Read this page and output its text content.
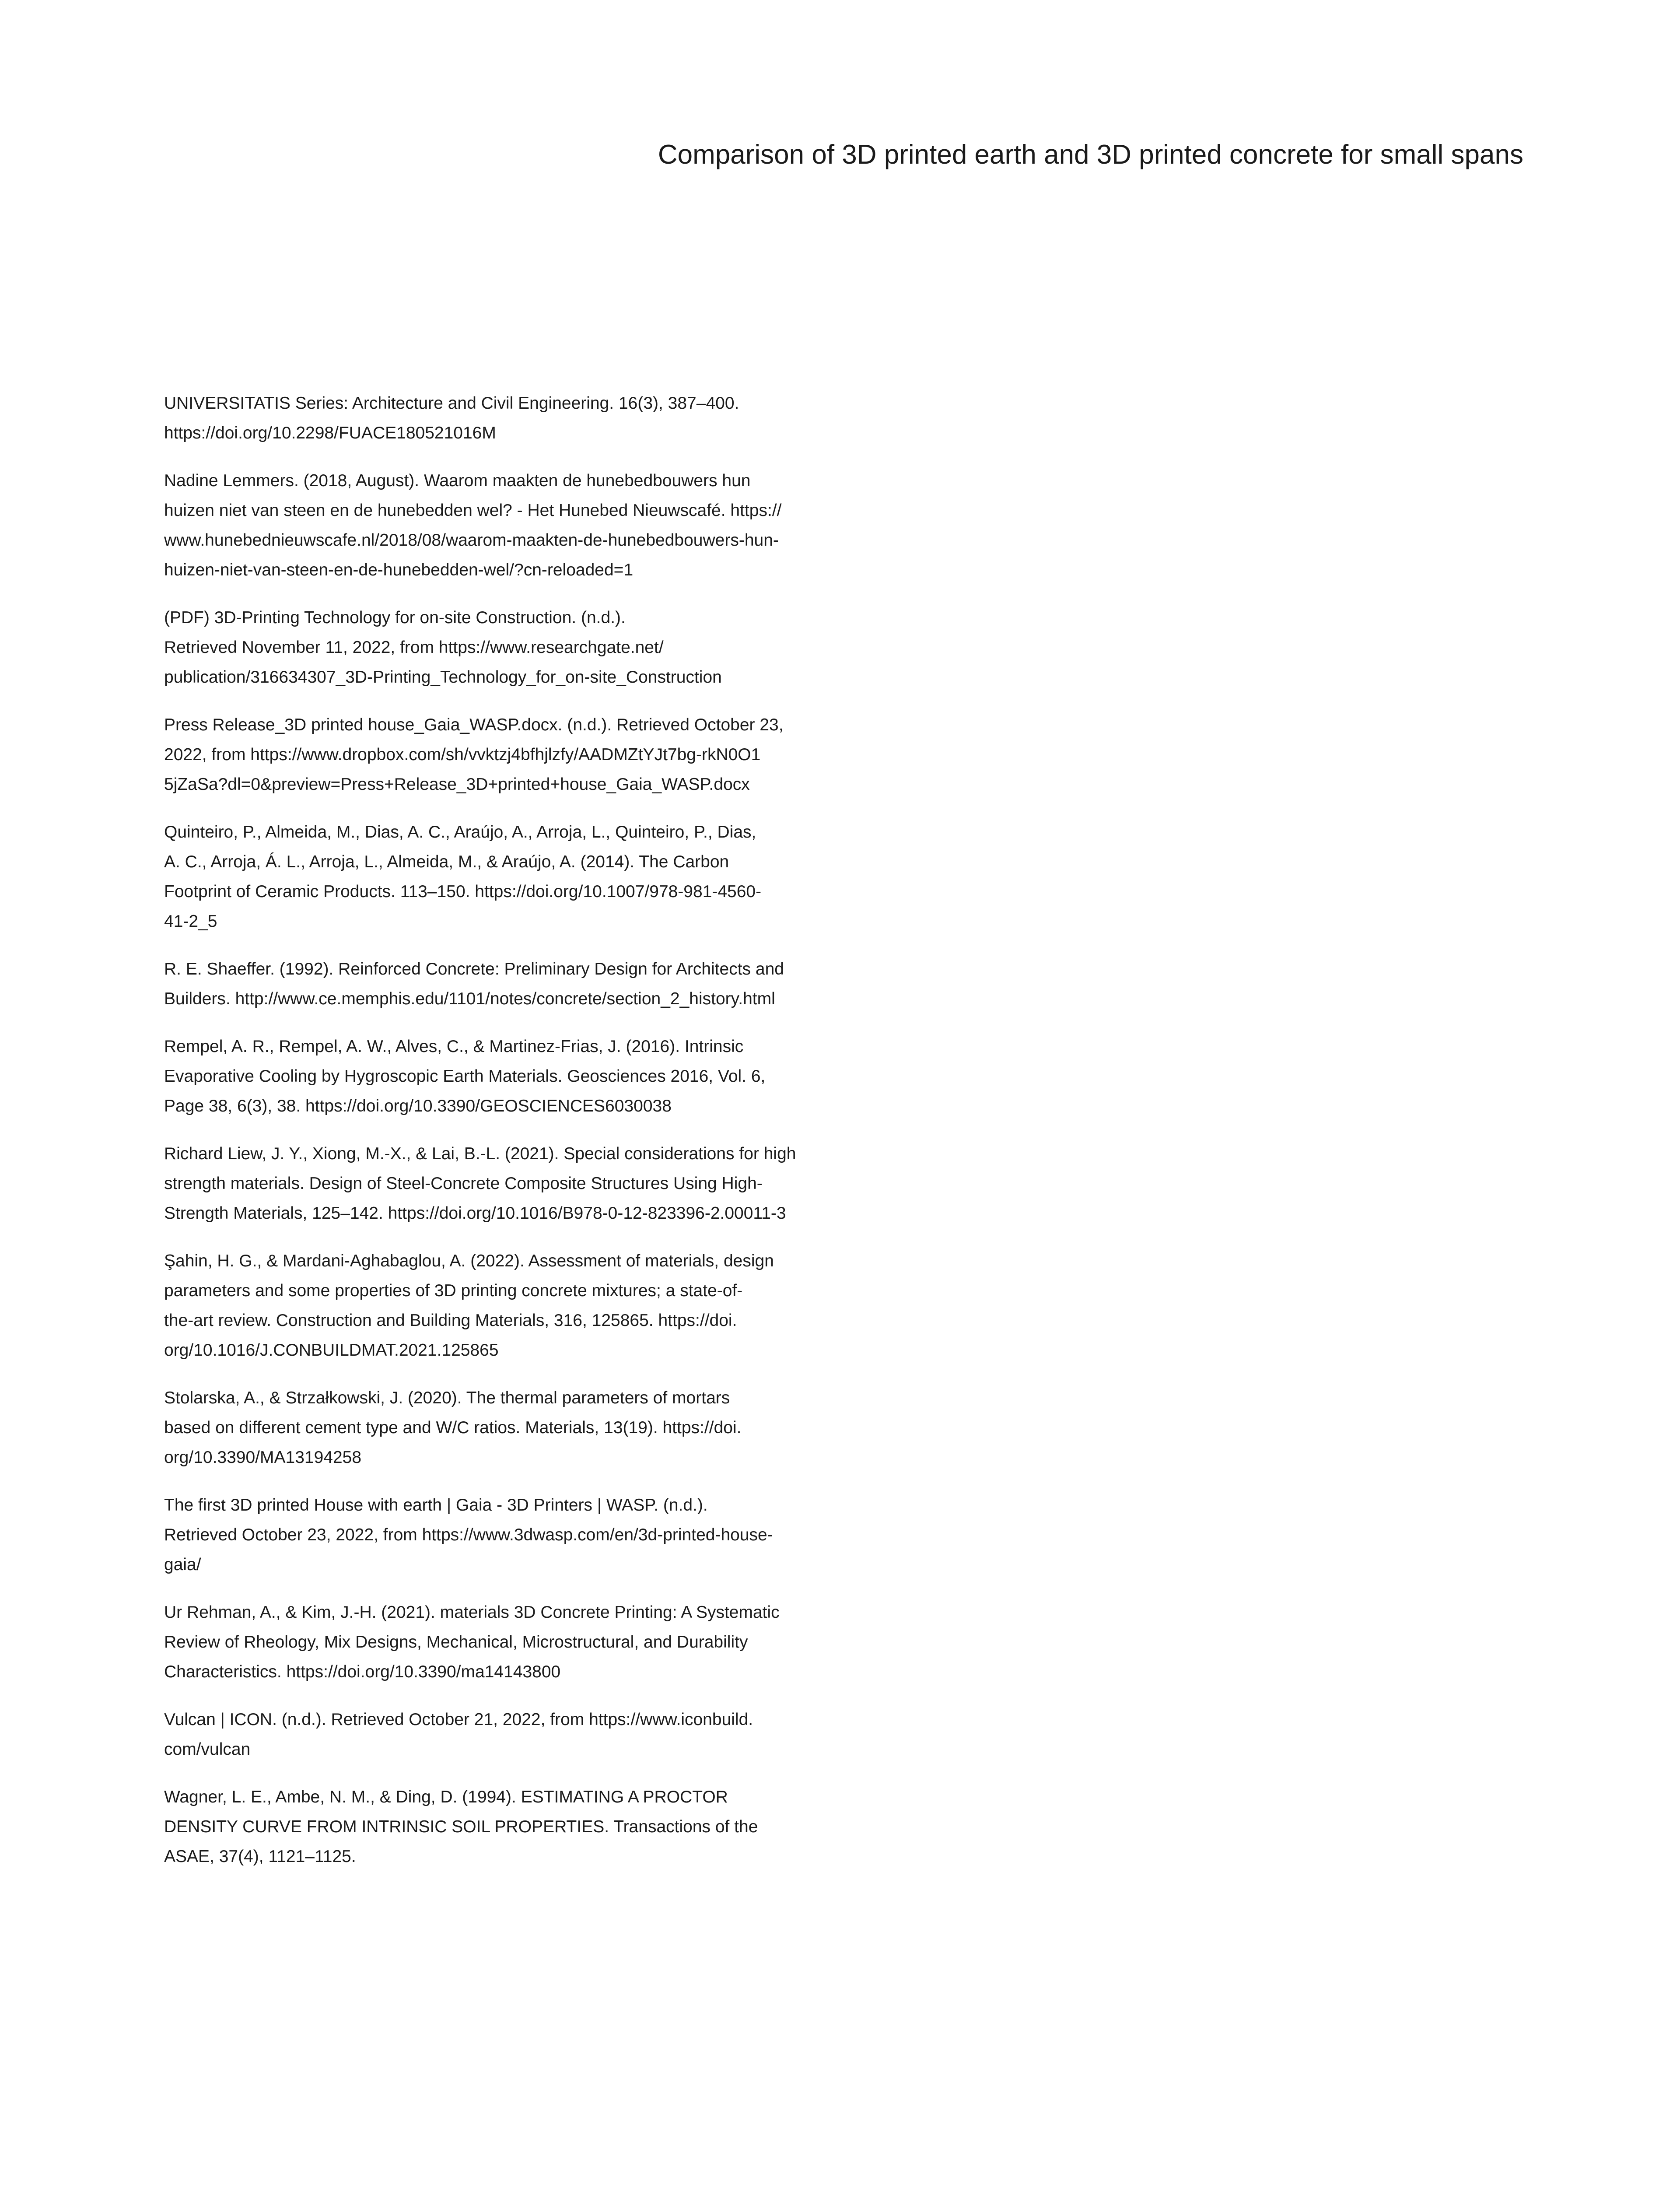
Comparison of 3D printed earth and 3D printed concrete for small spans

UNIVERSITATIS Series: Architecture and Civil Engineering. 16(3), 387–400.
https://doi.org/10.2298/FUACE180521016M

Nadine Lemmers. (2018, August). Waarom maakten de hunebedbouwers hun
huizen niet van steen en de hunebedden wel? - Het Hunebed Nieuwscafé. https://
www.hunebednieuwscafe.nl/2018/08/waarom-maakten-de-hunebedbouwers-hun-
huizen-niet-van-steen-en-de-hunebedden-wel/?cn-reloaded=1

(PDF) 3D-Printing Technology for on-site Construction. (n.d.).
Retrieved November 11, 2022, from https://www.researchgate.net/
publication/316634307_3D-Printing_Technology_for_on-site_Construction

Press Release_3D printed house_Gaia_WASP.docx. (n.d.). Retrieved October 23,
2022, from https://www.dropbox.com/sh/vvktzj4bfhjlzfy/AADMZtYJt7bg-rkN0O1
5jZaSa?dl=0&preview=Press+Release_3D+printed+house_Gaia_WASP.docx

Quinteiro, P., Almeida, M., Dias, A. C., Araújo, A., Arroja, L., Quinteiro, P., Dias,
A. C., Arroja, Á. L., Arroja, L., Almeida, M., & Araújo, A. (2014). The Carbon
Footprint of Ceramic Products. 113–150. https://doi.org/10.1007/978-981-4560-
41-2_5

R. E. Shaeffer. (1992). Reinforced Concrete: Preliminary Design for Architects and
Builders. http://www.ce.memphis.edu/1101/notes/concrete/section_2_history.html

Rempel, A. R., Rempel, A. W., Alves, C., & Martinez-Frias, J. (2016). Intrinsic
Evaporative Cooling by Hygroscopic Earth Materials. Geosciences 2016, Vol. 6,
Page 38, 6(3), 38. https://doi.org/10.3390/GEOSCIENCES6030038

Richard Liew, J. Y., Xiong, M.-X., & Lai, B.-L. (2021). Special considerations for high
strength materials. Design of Steel-Concrete Composite Structures Using High-
Strength Materials, 125–142. https://doi.org/10.1016/B978-0-12-823396-2.00011-3

Şahin, H. G., & Mardani-Aghabaglou, A. (2022). Assessment of materials, design
parameters and some properties of 3D printing concrete mixtures; a state-of-
the-art review. Construction and Building Materials, 316, 125865. https://doi.
org/10.1016/J.CONBUILDMAT.2021.125865

Stolarska, A., & Strzałkowski, J. (2020). The thermal parameters of mortars
based on different cement type and W/C ratios. Materials, 13(19). https://doi.
org/10.3390/MA13194258

The first 3D printed House with earth | Gaia - 3D Printers | WASP. (n.d.).
Retrieved October 23, 2022, from https://www.3dwasp.com/en/3d-printed-house-
gaia/

Ur Rehman, A., & Kim, J.-H. (2021). materials 3D Concrete Printing: A Systematic
Review of Rheology, Mix Designs, Mechanical, Microstructural, and Durability
Characteristics. https://doi.org/10.3390/ma14143800

Vulcan | ICON. (n.d.). Retrieved October 21, 2022, from https://www.iconbuild.
com/vulcan

Wagner, L. E., Ambe, N. M., & Ding, D. (1994). ESTIMATING A PROCTOR
DENSITY CURVE FROM INTRINSIC SOIL PROPERTIES. Transactions of the
ASAE, 37(4), 1121–1125.
